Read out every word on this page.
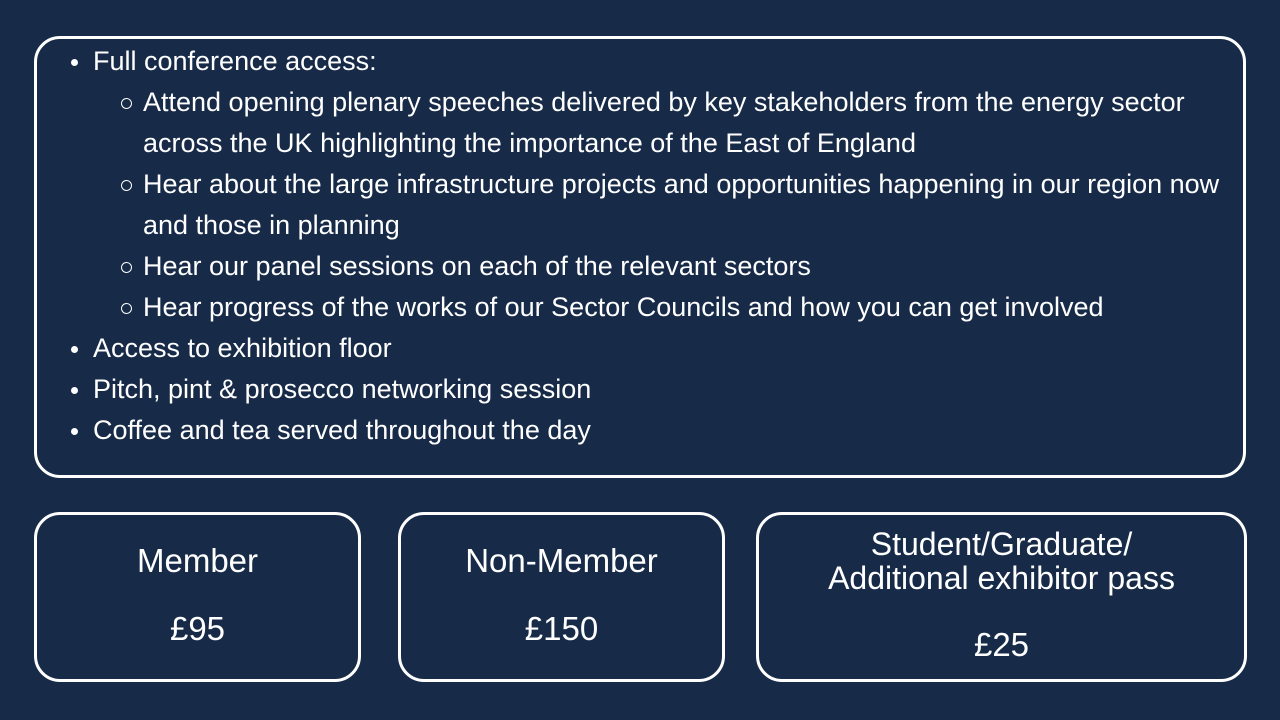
Full conference access:
Attend opening plenary speeches delivered by key stakeholders from the energy sector across the UK highlighting the importance of the East of England
Hear about the large infrastructure projects and opportunities happening in our region now and those in planning
Hear our panel sessions on each of the relevant sectors
Hear progress of the works of our Sector Councils and how you can get involved
Access to exhibition floor
Pitch, pint & prosecco networking session
Coffee and tea served throughout the day
Member
£95
Non-Member
£150
Student/Graduate/
Additional exhibitor pass
£25
